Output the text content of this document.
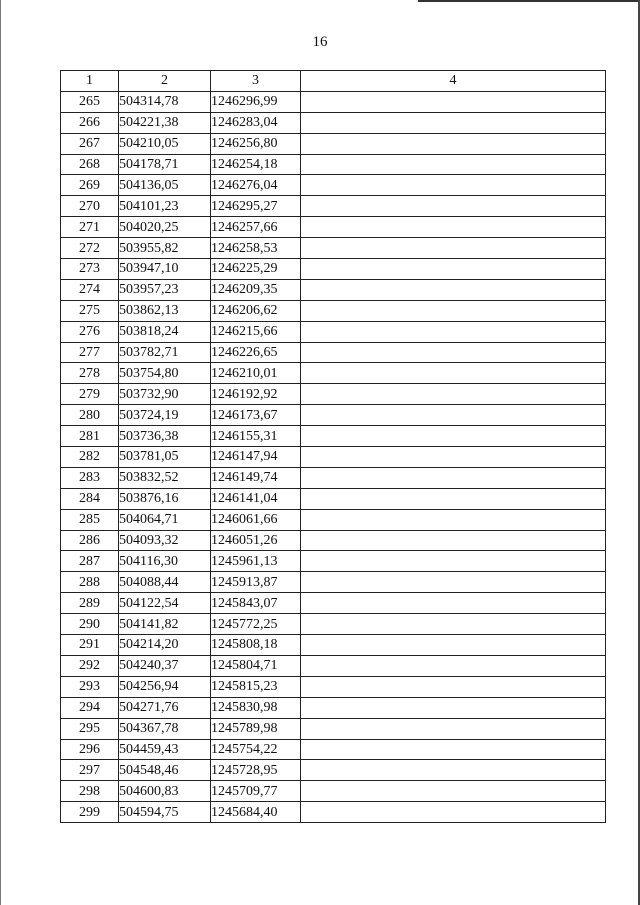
16
1	2	3	4
265	504314,78	1246296,99	
266	504221,38	1246283,04	
267	504210,05	1246256,80	
268	504178,71	1246254,18	
269	504136,05	1246276,04	
270	504101,23	1246295,27	
271	504020,25	1246257,66	
272	503955,82	1246258,53	
273	503947,10	1246225,29	
274	503957,23	1246209,35	
275	503862,13	1246206,62	
276	503818,24	1246215,66	
277	503782,71	1246226,65	
278	503754,80	1246210,01	
279	503732,90	1246192,92	
280	503724,19	1246173,67	
281	503736,38	1246155,31	
282	503781,05	1246147,94	
283	503832,52	1246149,74	
284	503876,16	1246141,04	
285	504064,71	1246061,66	
286	504093,32	1246051,26	
287	504116,30	1245961,13	
288	504088,44	1245913,87	
289	504122,54	1245843,07	
290	504141,82	1245772,25	
291	504214,20	1245808,18	
292	504240,37	1245804,71	
293	504256,94	1245815,23	
294	504271,76	1245830,98	
295	504367,78	1245789,98	
296	504459,43	1245754,22	
297	504548,46	1245728,95	
298	504600,83	1245709,77	
299	504594,75	1245684,40	
